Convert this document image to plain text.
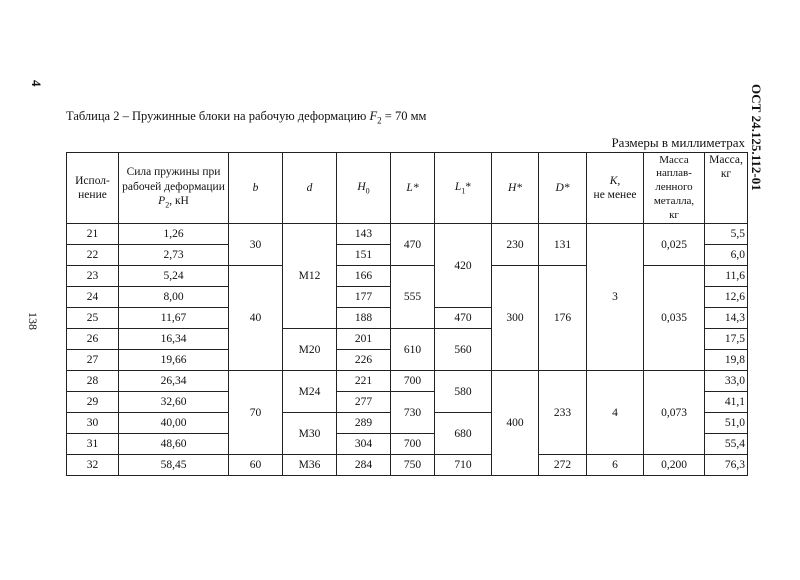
4
138
ОСТ 24.125.112-01
Таблица 2 – Пружинные блоки на рабочую деформацию $F_2 = 70$ мм
Размеры в миллиметрах
Испол-
нение	Сила пружины при рабочей деформации $P_2$, кН	b	d	$H_0$	L*	$L_1*$	H*	D*	K,
не менее	Масса
наплав-
ленного
металла,
кг	Масса,
кг
21	1,26	30	M12	143	470	420	230	131	3	0,025	5,5
22	2,73			151							6,0
23	5,24	40		166	555		300	176		0,035	11,6
24	8,00			177							12,6
25	11,67			188		470					14,3
26	16,34		M20	201	610	560					17,5
27	19,66			226							19,8
28	26,34	70	M24	221	700	580	400	233	4	0,073	33,0
29	32,60			277	730						41,1
30	40,00		M30	289		680					51,0
31	48,60			304	700						55,4
32	58,45	60	M36	284	750	710		272	6	0,200	76,3
